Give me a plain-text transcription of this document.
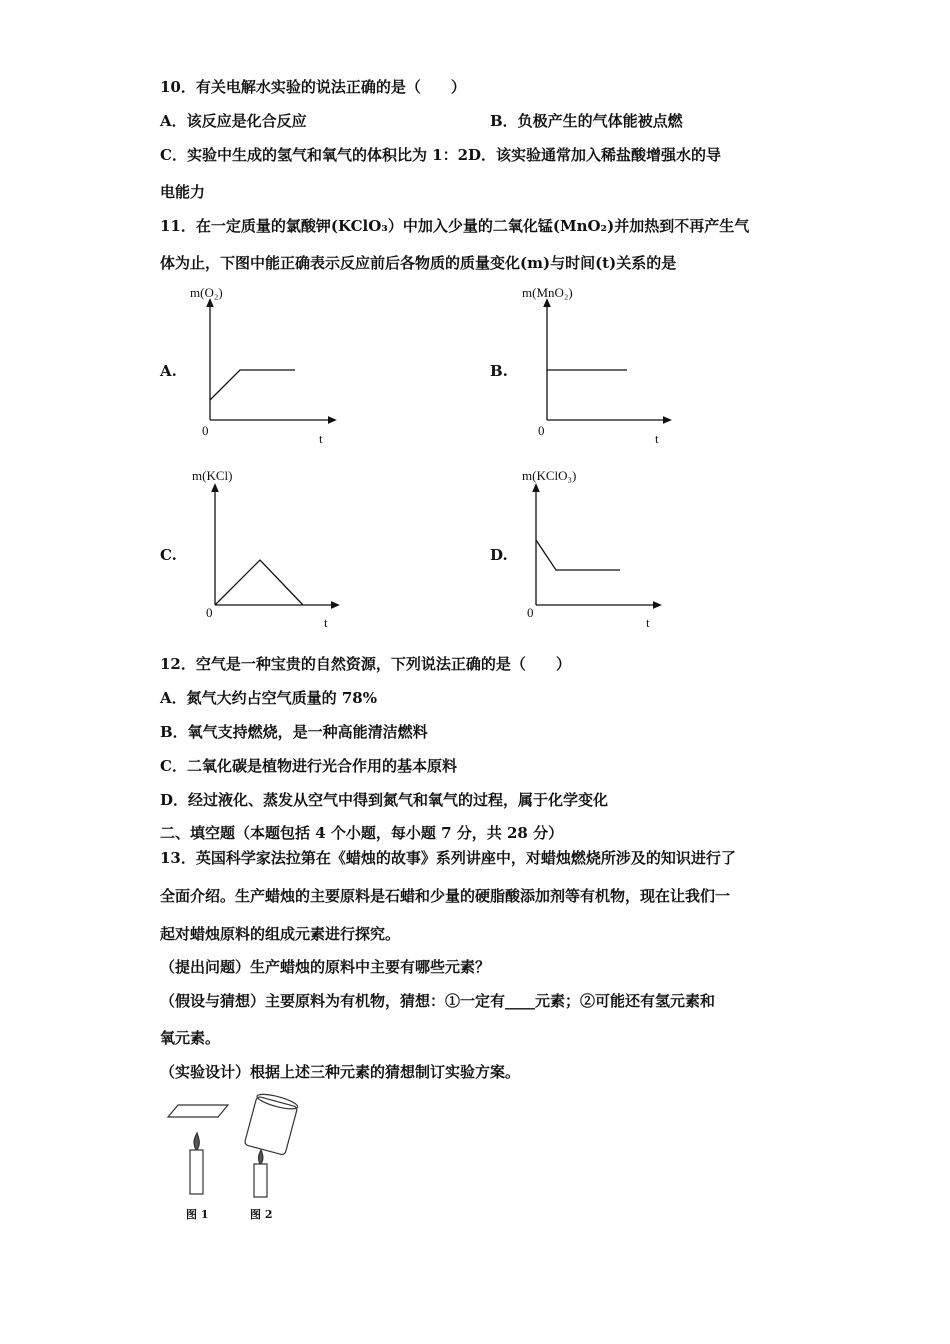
10．有关电解水实验的说法正确的是（　　）
A．该反应是化合反应	B．负极产生的气体能被点燃
C．实验中生成的氢气和氧气的体积比为 1：2D．该实验通常加入稀盐酸增强水的导
电能力
11．在一定质量的氯酸钾(KClO₃）中加入少量的二氧化锰(MnO₂)并加热到不再产生气
体为止，下图中能正确表示反应前后各物质的质量变化(m)与时间(t)关系的是
A.
m(O₂)
0
t
B.
m(MnO₂)
0
t
C.
m(KCl)
0
t
D.
m(KClO₃)
0
t
12．空气是一种宝贵的自然资源，下列说法正确的是（　　）
A．氮气大约占空气质量的 78%
B．氧气支持燃烧，是一种高能清洁燃料
C．二氧化碳是植物进行光合作用的基本原料
D．经过液化、蒸发从空气中得到氮气和氧气的过程，属于化学变化
二、填空题（本题包括 4 个小题，每小题 7 分，共 28 分）
13．英国科学家法拉第在《蜡烛的故事》系列讲座中，对蜡烛燃烧所涉及的知识进行了
全面介绍。生产蜡烛的主要原料是石蜡和少量的硬脂酸添加剂等有机物，现在让我们一
起对蜡烛原料的组成元素进行探究。
（提出问题）生产蜡烛的原料中主要有哪些元素？
（假设与猜想）主要原料为有机物，猜想：①一定有____元素；②可能还有氢元素和
氧元素。
（实验设计）根据上述三种元素的猜想制订实验方案。
图 1	图 2
